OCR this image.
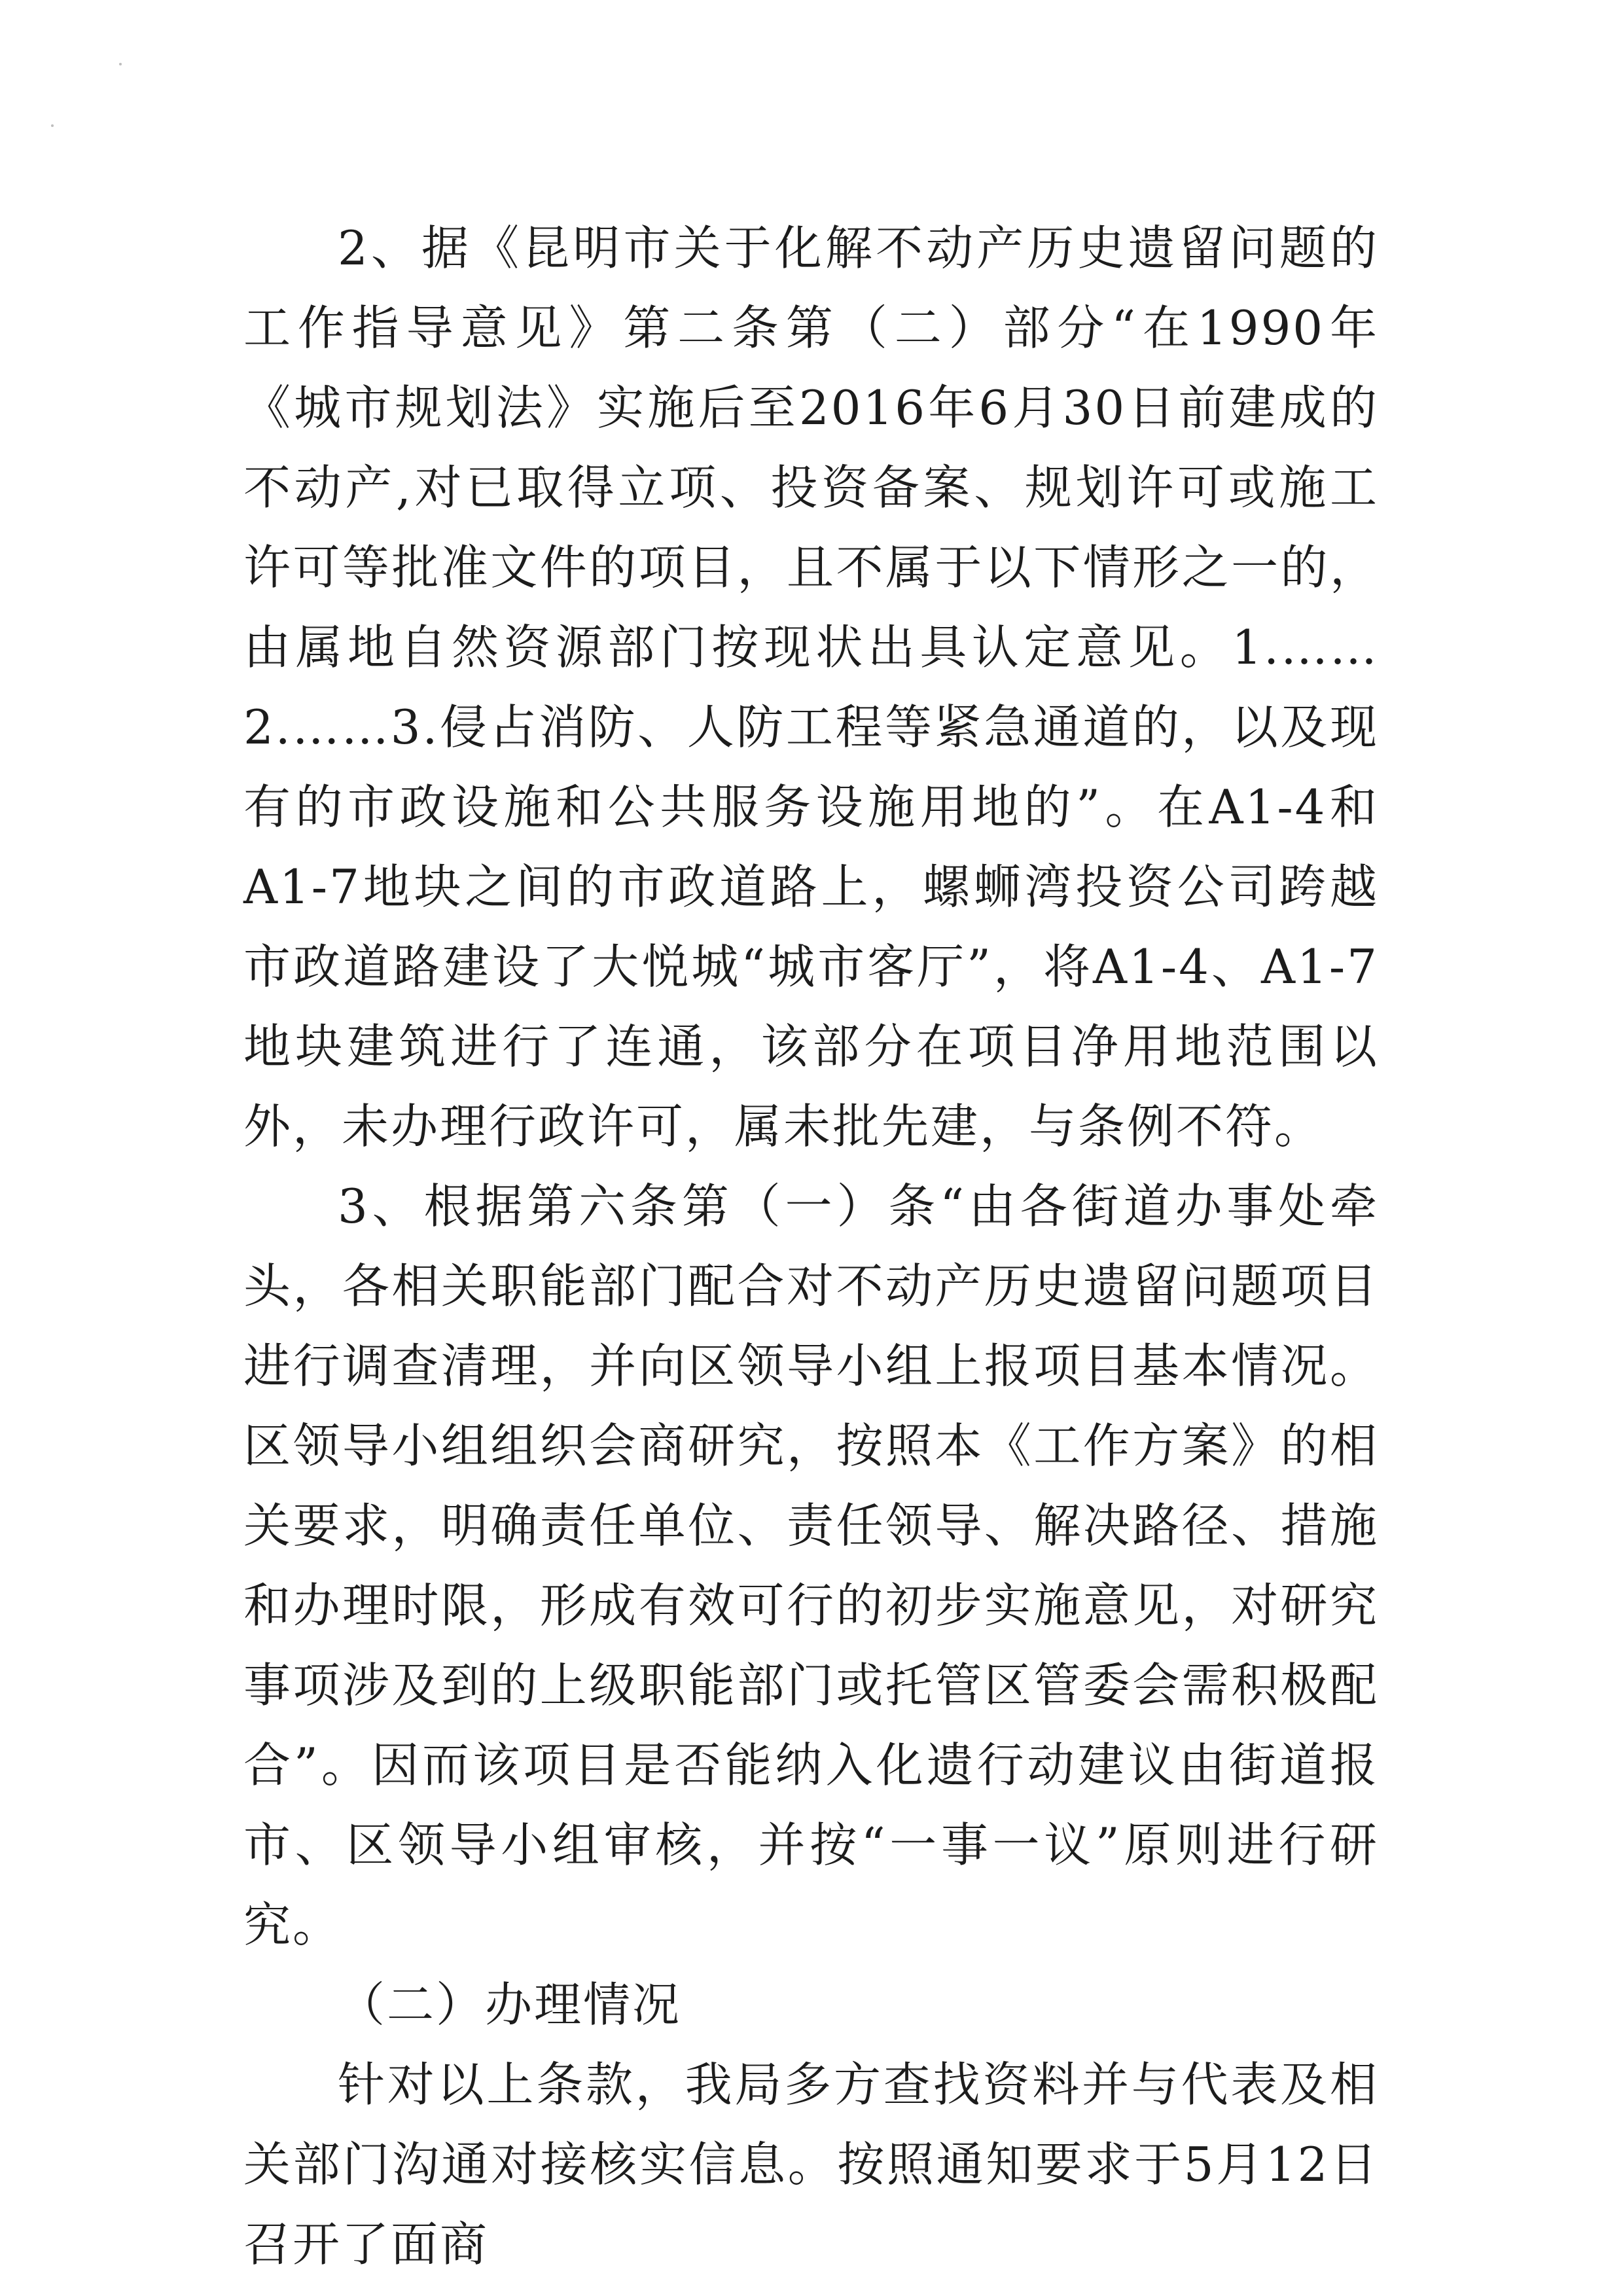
2、据《昆明市关于化解不动产历史遗留问题的工作指导意见》第二条第（二）部分“在1990年《城市规划法》实施后至2016年6月30日前建成的不动产,对已取得立项、投资备案、规划许可或施工许可等批准文件的项目，且不属于以下情形之一的，由属地自然资源部门按现状出具认定意见。1.……2.……3.侵占消防、人防工程等紧急通道的，以及现有的市政设施和公共服务设施用地的”。在A1-4和A1-7地块之间的市政道路上，螺蛳湾投资公司跨越市政道路建设了大悦城“城市客厅”，将A1-4、A1-7地块建筑进行了连通，该部分在项目净用地范围以外，未办理行政许可，属未批先建，与条例不符。

3、根据第六条第（一）条“由各街道办事处牵头，各相关职能部门配合对不动产历史遗留问题项目进行调查清理，并向区领导小组上报项目基本情况。区领导小组组织会商研究，按照本《工作方案》的相关要求，明确责任单位、责任领导、解决路径、措施和办理时限，形成有效可行的初步实施意见，对研究事项涉及到的上级职能部门或托管区管委会需积极配合”。因而该项目是否能纳入化遗行动建议由街道报市、区领导小组审核，并按“一事一议”原则进行研究。

（二）办理情况

针对以上条款，我局多方查找资料并与代表及相关部门沟通对接核实信息。按照通知要求于5月12日召开了面商
